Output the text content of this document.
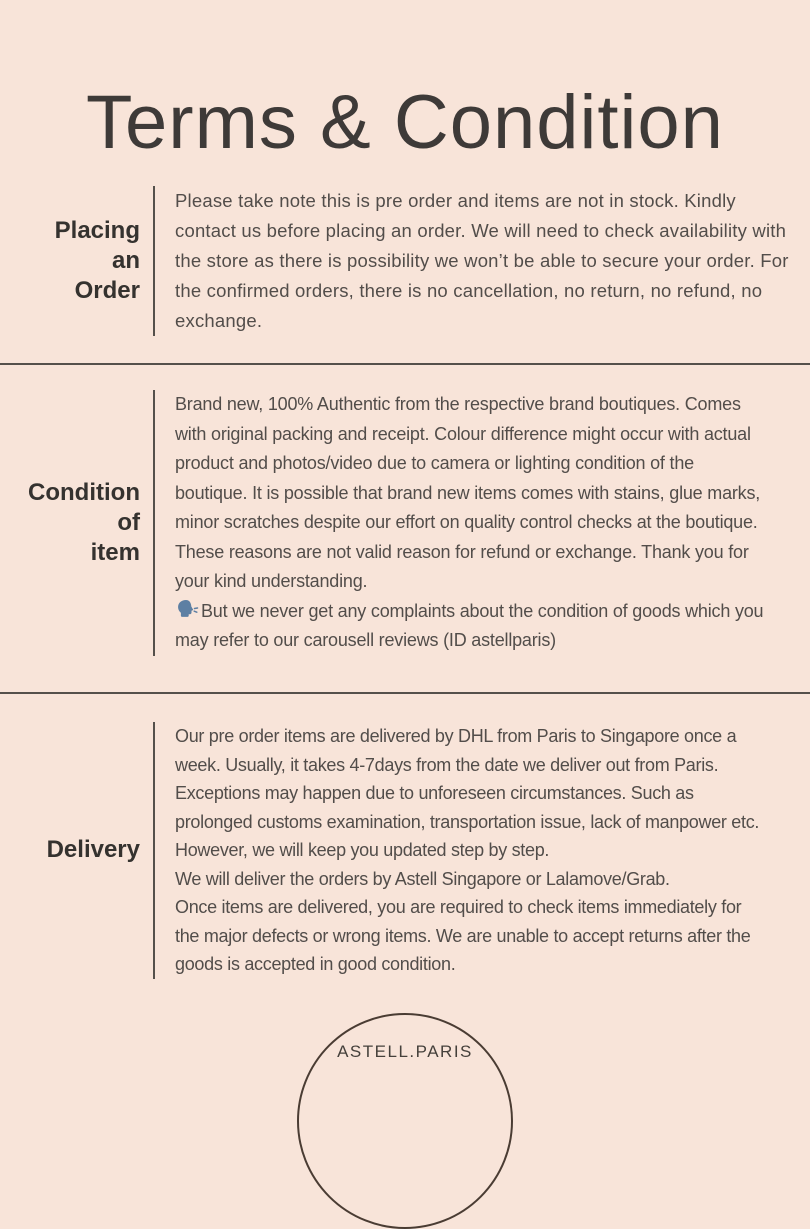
Terms & Condition
Placing
an
Order

Please take note this is pre order and items are not in stock. Kindly contact us before placing an order. We will need to check availability with the store as there is possibility we won’t be able to secure your order. For the confirmed orders, there is no cancellation, no return, no refund, no exchange.

Condition
of
item

Brand new, 100% Authentic from the respective brand boutiques. Comes with original packing and receipt. Colour difference might occur with actual product and photos/video due to camera or lighting condition of the boutique. It is possible that brand new items comes with stains, glue marks, minor scratches despite our effort on quality control checks at the boutique. These reasons are not valid reason for refund or exchange. Thank you for your kind understanding.

But we never get any complaints about the condition of goods which you may refer to our carousell reviews (ID astellparis)

Delivery

Our pre order items are delivered by DHL from Paris to Singapore once a week. Usually, it takes 4-7days from the date we deliver out from Paris. Exceptions may happen due to unforeseen circumstances. Such as prolonged customs examination, transportation issue, lack of manpower etc. However, we will keep you updated step by step.

We will deliver the orders by Astell Singapore or Lalamove/Grab.

Once items are delivered, you are required to check items immediately for the major defects or wrong items. We are unable to accept returns after the goods is accepted in good condition.

ASTELL.PARIS
